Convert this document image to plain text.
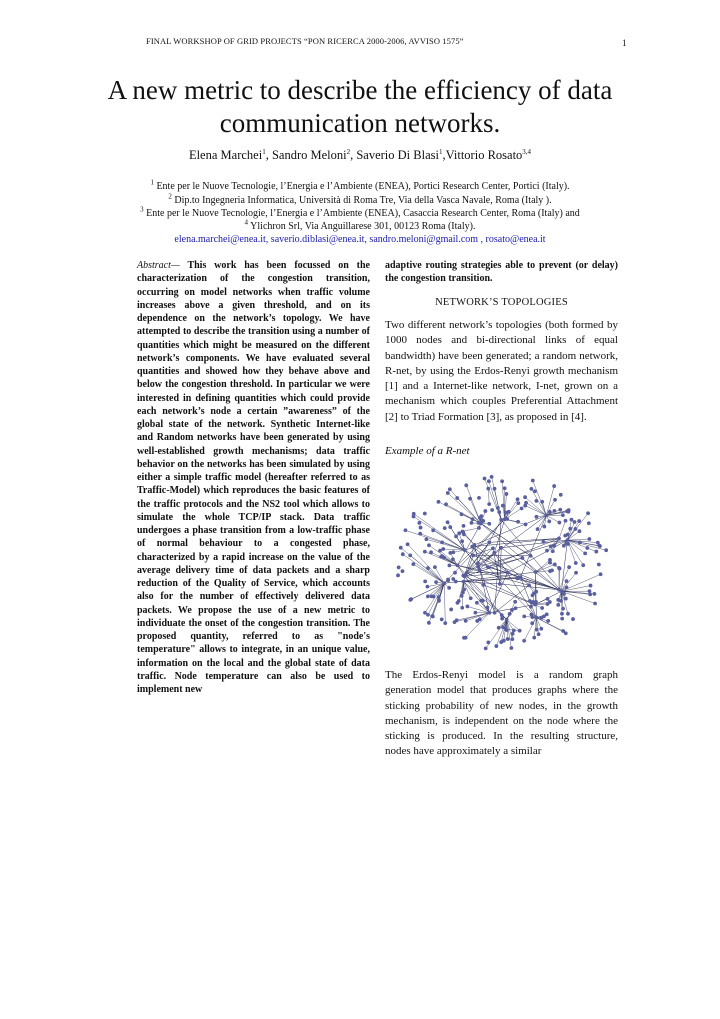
FINAL WORKSHOP OF GRID PROJECTS “PON RICERCA 2000-2006, AVVISO 1575”	1
A new metric to describe the efficiency of data communication networks.
Elena Marchei$^1$, Sandro Meloni$^2$, Saverio Di Blasi$^1$,Vittorio Rosato$^{3,4}$
$^1$ Ente per le Nuove Tecnologie, l’Energia e l’Ambiente (ENEA), Portici Research Center, Portici (Italy).
$^2$ Dip.to Ingegneria Informatica, Università di Roma Tre, Via della Vasca Navale, Roma (Italy ).
$^3$ Ente per le Nuove Tecnologie, l’Energia e l’Ambiente (ENEA), Casaccia Research Center, Roma (Italy) and
$^4$ Ylichron Srl, Via Anguillarese 301, 00123 Roma (Italy).
elena.marchei@enea.it, saverio.diblasi@enea.it, sandro.meloni@gmail.com , rosato@enea.it
Abstract— This work has been focussed on the characterization of the congestion transition, occurring on model networks when traffic volume increases above a given threshold, and on its dependence on the network’s topology. We have attempted to describe the transition using a number of quantities which might be measured on the different network’s components. We have evaluated several quantities and showed how they behave above and below the congestion threshold. In particular we were interested in defining quantities which could provide each network’s node a certain ”awareness” of the global state of the network. Synthetic Internet-like and Random networks have been generated by using well-established growth mechanisms; data traffic behavior on the networks has been simulated by using either a simple traffic model (hereafter referred to as Traffic-Model) which reproduces the basic features of the traffic protocols and the NS2 tool which allows to simulate the whole TCP/IP stack. Data traffic undergoes a phase transition from a low-traffic phase of normal behaviour to a congested phase, characterized by a rapid increase on the value of the average delivery time of data packets and a sharp reduction of the Quality of Service, which accounts also for the number of effectively delivered data packets. We propose the use of a new metric to individuate the onset of the congestion transition. The proposed quantity, referred to as "node's temperature" allows to integrate, in an unique value, information on the local and the global state of data traffic. Node temperature can also be used to implement new
adaptive routing strategies able to prevent (or delay) the congestion transition.
NETWORK’S TOPOLOGIES
Two different network’s topologies (both formed by 1000 nodes and bi-directional links of equal bandwidth) have been generated; a random network, R-net, by using the Erdos-Renyi growth mechanism [1] and a Internet-like network, I-net, grown on a mechanism which couples Preferential Attachment [2] to Triad Formation [3], as proposed in [4].
Example of a R-net
The Erdos-Renyi model is a random graph generation model that produces graphs where the sticking probability of new nodes, in the growth mechanism, is independent on the node where the sticking is produced. In the resulting structure, nodes have approximately a similar
